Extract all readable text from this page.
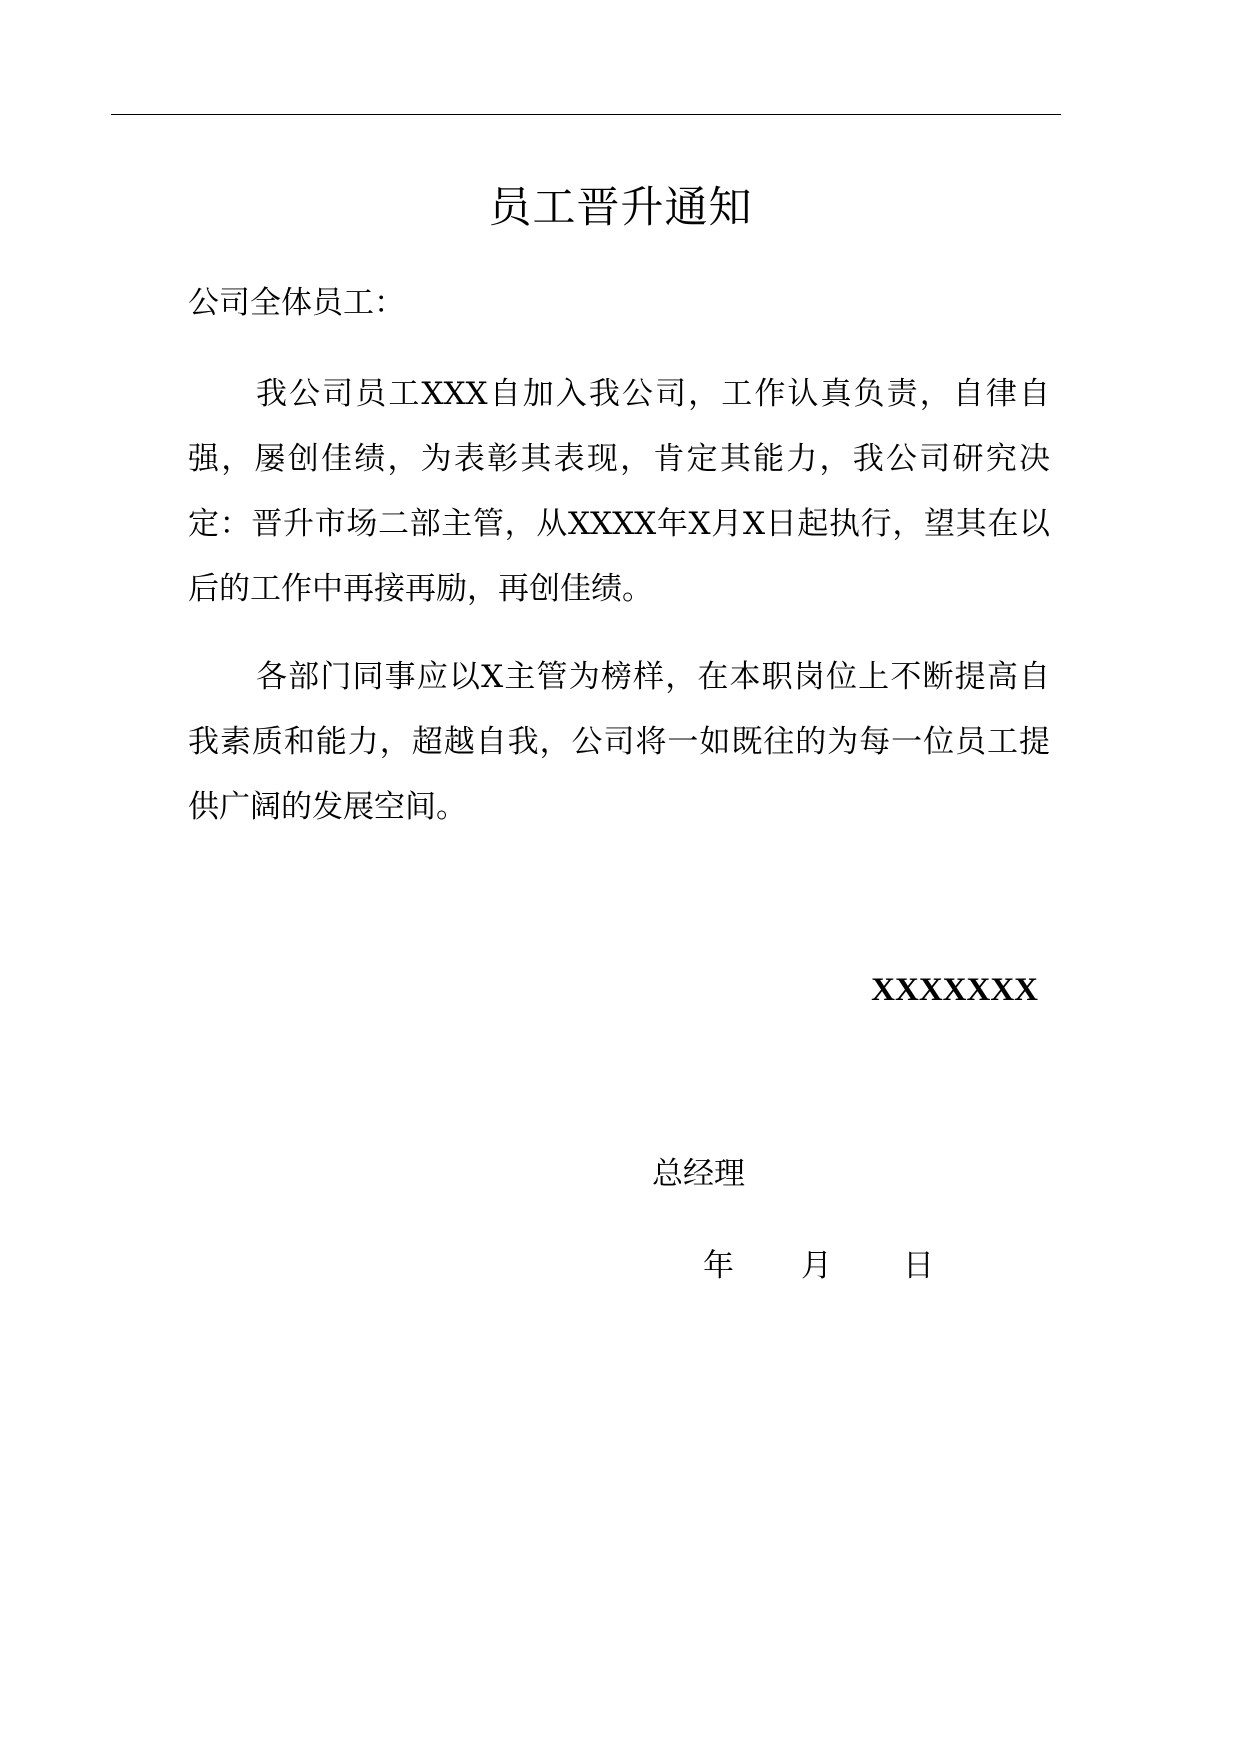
员工晋升通知
公司全体员工：

我公司员工XXX自加入我公司，工作认真负责，自律自强，屡创佳绩，为表彰其表现，肯定其能力，我公司研究决定：晋升市场二部主管，从XXXX年X月X日起执行，望其在以后的工作中再接再励，再创佳绩。

各部门同事应以X主管为榜样，在本职岗位上不断提高自我素质和能力，超越自我，公司将一如既往的为每一位员工提供广阔的发展空间。

XXXXXXX
总经理
年	月	日
